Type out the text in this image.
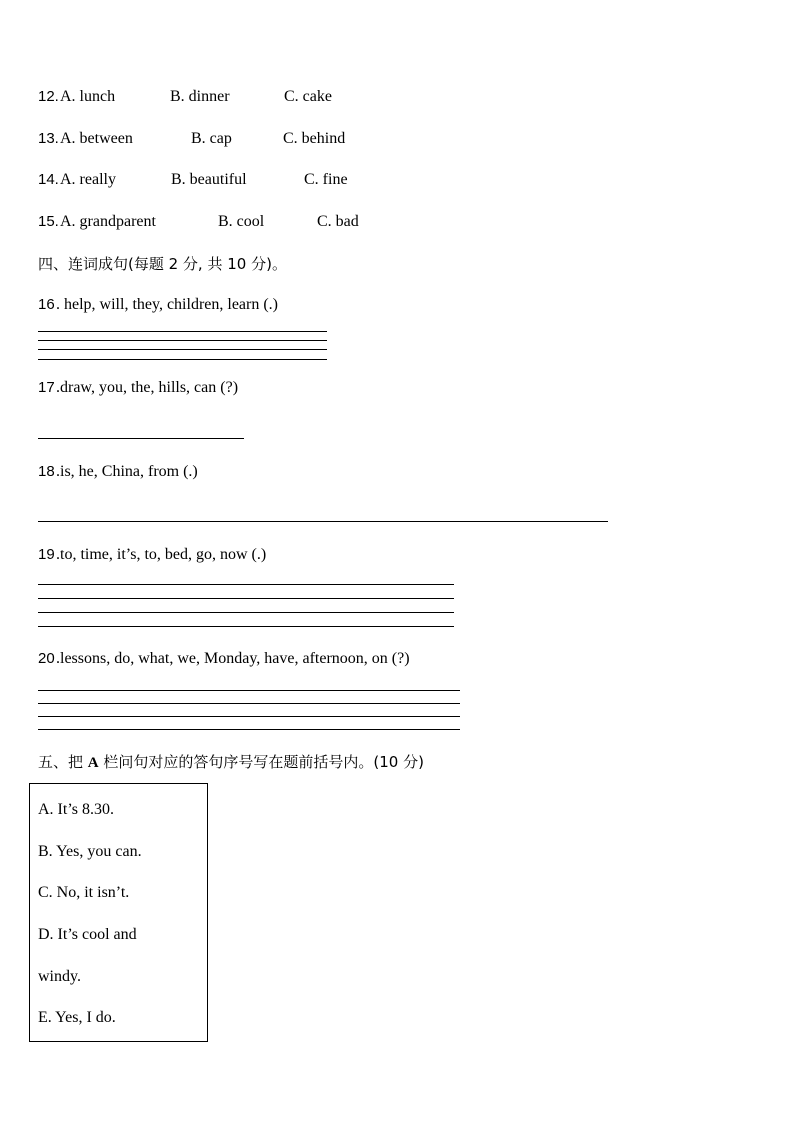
12. A. lunch	B. dinner	C. cake
13. A. between	B. cap	C. behind
14. A. really	B. beautiful	C. fine
15. A. grandparent	B. cool	C. bad
四、连词成句(每题 2 分, 共 10 分)。
16 . help, will, they, children, learn (.)
17 .draw, you, the, hills, can (?)
18 .is, he, China, from (.)
19 .to, time, it’s, to, bed, go, now (.)
20 .lessons, do, what, we, Monday, have, afternoon, on (?)
五、把 A 栏问句对应的答句序号写在题前括号内。(10 分)
A. It’s 8.30.
B. Yes, you can.
C. No, it isn’t.
D. It’s cool and
windy.
E. Yes, I do.
